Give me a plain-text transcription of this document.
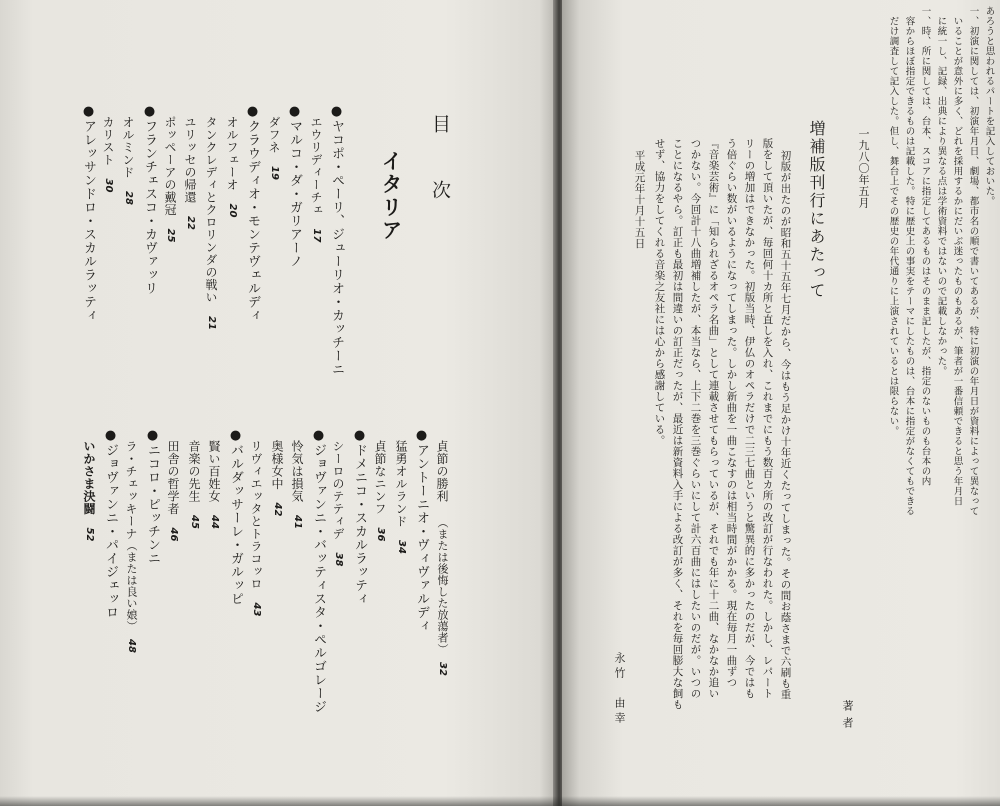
目　次
イタリア
●ヤコポ・ペーリ、ジューリオ・カッチーニ
エウリディーチェ　17
●マルコ・ダ・ガリアーノ
ダフネ　19
●クラウディオ・モンテヴェルディ
オルフェーオ　20
タンクレディとクロリンダの戦い　21
ユリッセの帰還　22
ポッペーアの戴冠　25
●フランチェスコ・カヴァッリ
オルミンド　28
カリスト　30
●アレッサンドロ・スカルラッティ
貞節の勝利 （または後悔した放蕩者）　32
●アントーニオ・ヴィヴァルディ
猛勇オルランド　34
貞節なニンフ　36
●ドメニコ・スカルラッティ
シーロのテティデ　38
●ジョヴァンニ・バッティスタ・ペルゴレージ
怜気は損気　41
奥様女中　42
リヴィエッタとトラコッロ　43
●バルダッサーレ・ガルッピ
賢い百姓女　44
音楽の先生　45
田舎の哲学者　46
●ニコロ・ピッチンニ
ラ・チェッキーナ（または良い娘）　48
●ジョヴァンニ・パイジェッロ
いかさま決闘　52
あろうと思われるパートを記入しておいた。
一、初演に関しては、初演年月日、劇場、都市名の順で書いてあるが、特に初演の年月日が資料によって異なって
いることが意外に多く、どれを採用するかにだいぶ迷ったものもあるが、筆者が一番信頼できると思う年月日
に統一し、記録、出典により異なる点は学術資料ではないので記載しなかった。
一、時、所に関しては、台本、スコアに指定してあるものはそのまま記したが、指定のないものも台本の内
容からほぼ指定できるものは記載した。特に歴史上の事実をテーマにしたものは、台本に指定がなくてもできる
だけ調査して記入した。但し、舞台上でその歴史の年代通りに上演されているとは限らない。
一九八〇年五月
著者
増補版刊行にあたって
初版が出たのが昭和五十五年七月だから、今はもう足かけ十年近くたってしまった。その間お蔭さまで六刷も重
版をして頂いたが、毎回何十カ所と直しを入れ、これまでにもう数百カ所の改訂が行なわれた。しかし、レパート
リーの増加はできなかった。初版当時、伊仏のオペラだけで二三七曲というと驚異的に多かったのだが、今ではも
う倍ぐらい数がいるようになってしまった。しかし新曲を一曲こなすのは相当時間がかかる。現在毎月一曲ずつ
『音楽芸術』に「知られざるオペラ名曲」として連載させてもらっているが、それでも年に十二曲、なかなか追い
つかない。今回計十八曲増補したが、本当なら、上下二巻を三巻ぐらいにして計六百曲にはしたいのだが。いつの
ことになるやら。訂正も最初は間違いの訂正だったが、最近は新資料入手による改訂が多く、それを毎回膨大な飼も
せず、協力をしてくれる音楽之友社には心から感謝している。
平成元年十月十五日
永竹　由幸
